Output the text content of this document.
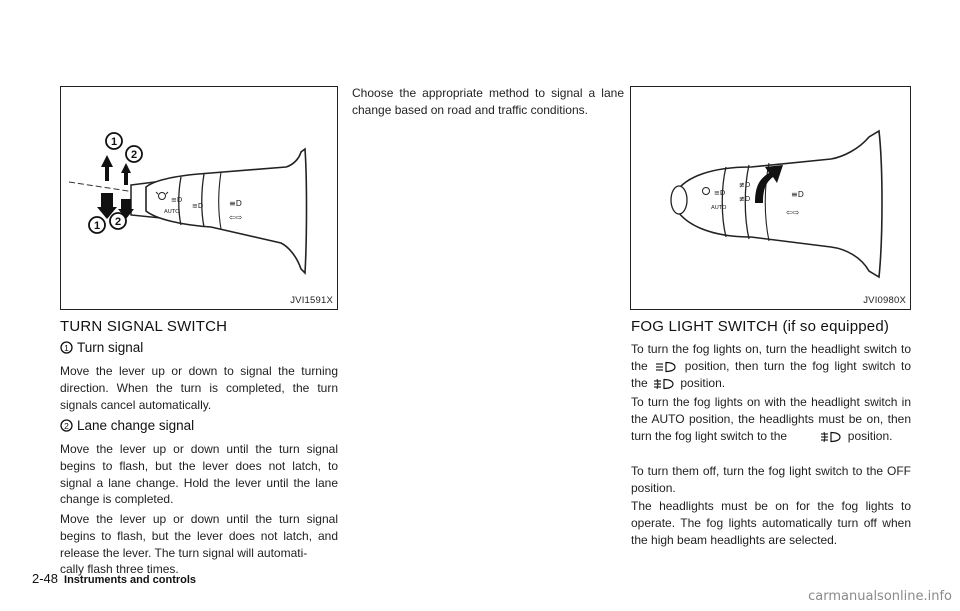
≡D
AUTO
≡D	≡D
⇦⇨
1
2
1 2
JVI1591X
≡D
AUTO
≢D
≢D	≡D
⇦⇨
JVI0980X
TURN SIGNAL SWITCH
1 Turn signal

Move the lever up or down to signal the turning direction. When the turn is completed, the turn signals cancel automatically.

2 Lane change signal

Move the lever up or down until the turn signal begins to flash, but the lever does not latch, to signal a lane change. Hold the lever until the lane change is completed.

Move the lever up or down until the turn signal begins to flash, but the lever does not latch, and release the lever. The turn signal will automati-
cally flash three times.

Choose the appropriate method to signal a lane change based on road and traffic conditions.

FOG LIGHT SWITCH (if so equipped)

To turn the fog lights on, turn the headlight switch to the	position, then turn the fog light switch to the	position.

To turn the fog lights on with the headlight switch in the AUTO position, the headlights must be on, then turn the fog light switch to the	position.

To turn them off, turn the fog light switch to the OFF position.

The headlights must be on for the fog lights to operate. The fog lights automatically turn off when the high beam headlights are selected.

2-48 Instruments and controls
carmanualsonline.info
